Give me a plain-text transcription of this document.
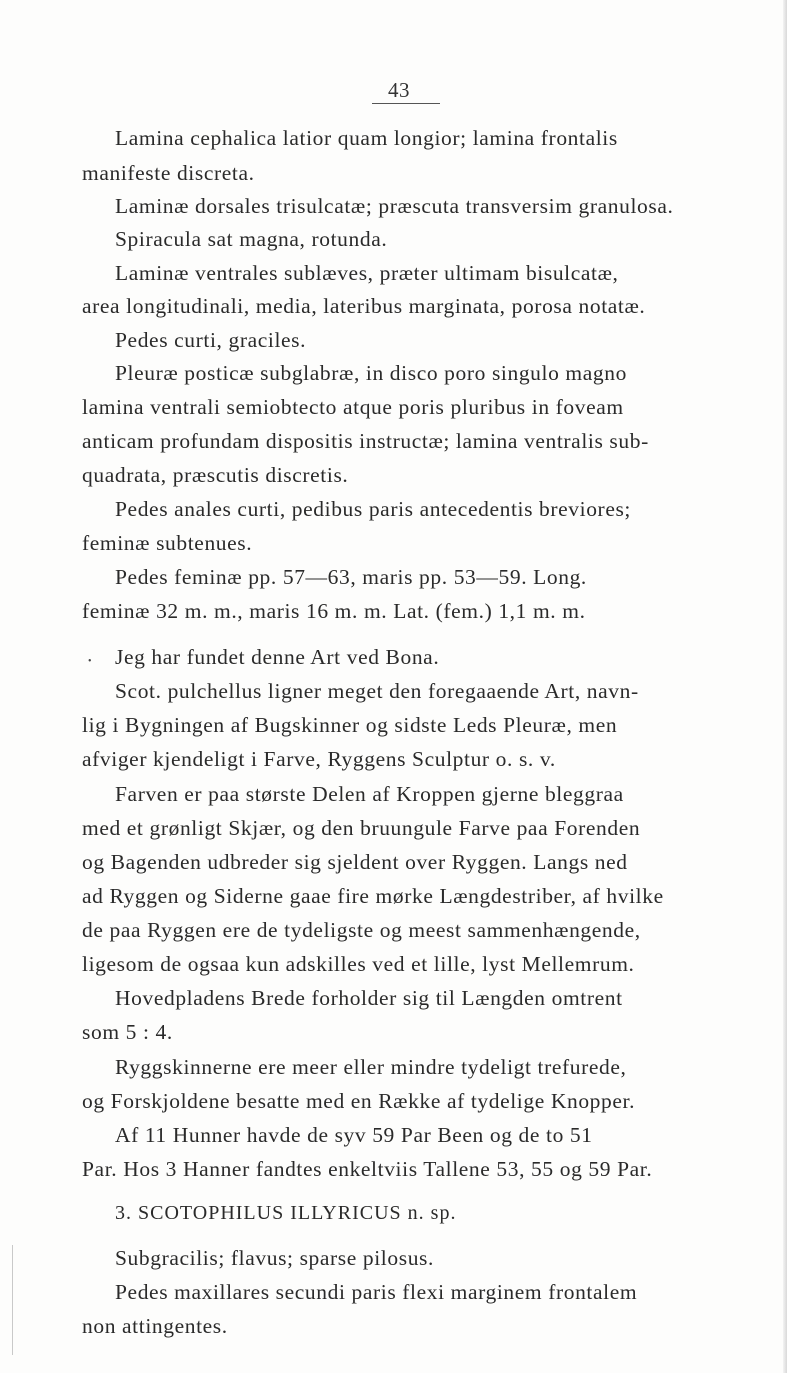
43
Lamina cephalica latior quam longior; lamina frontalis
manifeste discreta.
Laminæ dorsales trisulcatæ; præscuta transversim granulosa.
Spiracula sat magna, rotunda.
Laminæ ventrales sublæves, præter ultimam bisulcatæ,
area longitudinali, media, lateribus marginata, porosa notatæ.
Pedes curti, graciles.
Pleuræ posticæ subglabræ, in disco poro singulo magno
lamina ventrali semiobtecto atque poris pluribus in foveam
anticam profundam dispositis instructæ; lamina ventralis sub-
quadrata, præscutis discretis.
Pedes anales curti, pedibus paris antecedentis breviores;
feminæ subtenues.
Pedes feminæ pp. 57—63, maris pp. 53—59. Long.
feminæ 32 m. m., maris 16 m. m. Lat. (fem.) 1,1 m. m.
• Jeg har fundet denne Art ved Bona.
Scot. pulchellus ligner meget den foregaaende Art, navn-
lig i Bygningen af Bugskinner og sidste Leds Pleuræ, men
afviger kjendeligt i Farve, Ryggens Sculptur o. s. v.
Farven er paa største Delen af Kroppen gjerne bleggraa
med et grønligt Skjær, og den bruungule Farve paa Forenden
og Bagenden udbreder sig sjeldent over Ryggen. Langs ned
ad Ryggen og Siderne gaae fire mørke Længdestriber, af hvilke
de paa Ryggen ere de tydeligste og meest sammenhængende,
ligesom de ogsaa kun adskilles ved et lille, lyst Mellemrum.
Hovedpladens Brede forholder sig til Længden omtrent
som 5 : 4.
Ryggskinnerne ere meer eller mindre tydeligt trefurede,
og Forskjoldene besatte med en Række af tydelige Knopper.
Af 11 Hunner havde de syv 59 Par Been og de to 51
Par. Hos 3 Hanner fandtes enkeltviis Tallene 53, 55 og 59 Par.
3. SCOTOPHILUS ILLYRICUS n. sp.
Subgracilis; flavus; sparse pilosus.
Pedes maxillares secundi paris flexi marginem frontalem
non attingentes.
